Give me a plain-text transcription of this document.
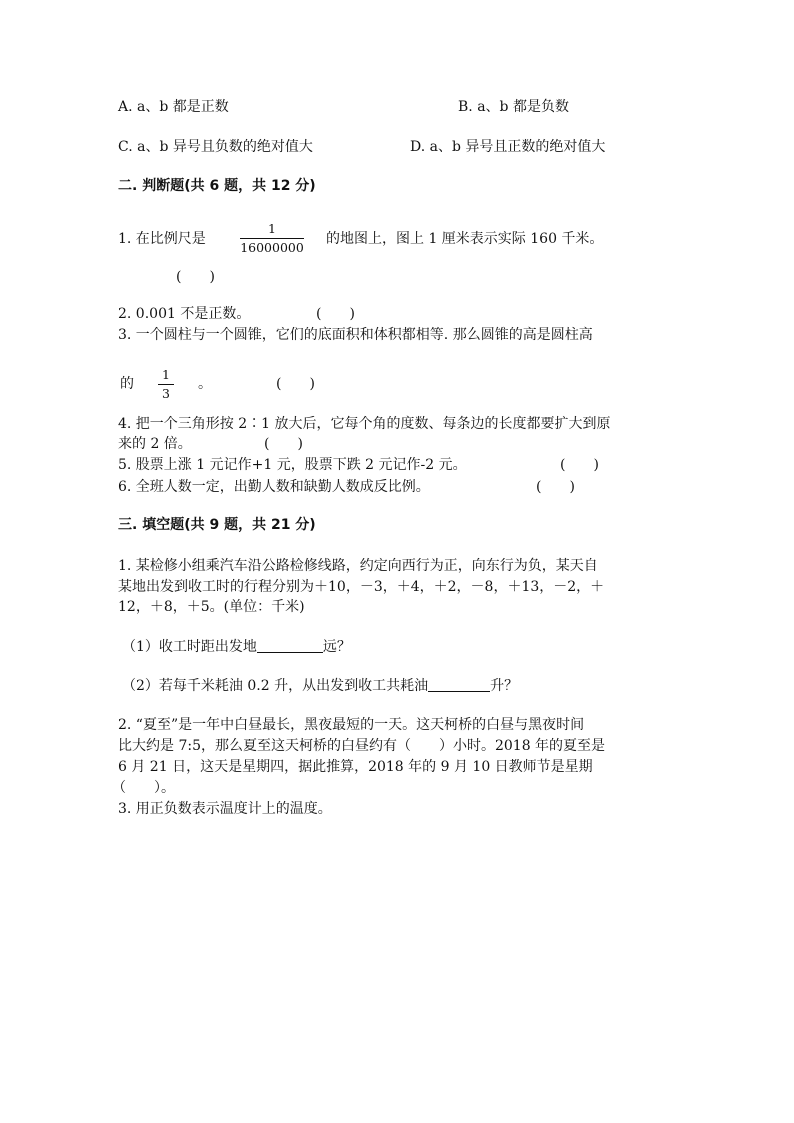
A. a、b 都是正数	B. a、b 都是负数
C. a、b 异号且负数的绝对值大	D. a、b 异号且正数的绝对值大
二. 判断题(共 6 题，共 12 分)
1. 在比例尺是
1
16000000
的地图上，图上 1 厘米表示实际 160 千米。
(　　)
2. 0.001 不是正数。	(　　)
3. 一个圆柱与一个圆锥，它们的底面积和体积都相等. 那么圆锥的高是圆柱高
的
1
3
。	(　　)
4. 把一个三角形按 2∶1 放大后，它每个角的度数、每条边的长度都要扩大到原
来的 2 倍。	(　　)
5. 股票上涨 1 元记作+1 元，股票下跌 2 元记作-2 元。	(　　)
6. 全班人数一定，出勤人数和缺勤人数成反比例。	(　　)
三. 填空题(共 9 题，共 21 分)
1. 某检修小组乘汽车沿公路检修线路，约定向西行为正，向东行为负，某天自
某地出发到收工时的行程分别为＋10，－3，＋4，＋2，－8，＋13，－2，＋
12，＋8，＋5。(单位：千米)
（1）收工时距出发地	远？
（2）若每千米耗油 0.2 升，从出发到收工共耗油	升？
2. “夏至”是一年中白昼最长，黑夜最短的一天。这天柯桥的白昼与黑夜时间
比大约是 7:5，那么夏至这天柯桥的白昼约有（　　）小时。2018 年的夏至是
6 月 21 日，这天是星期四，据此推算，2018 年的 9 月 10 日教师节是星期
（　　）。
3. 用正负数表示温度计上的温度。
